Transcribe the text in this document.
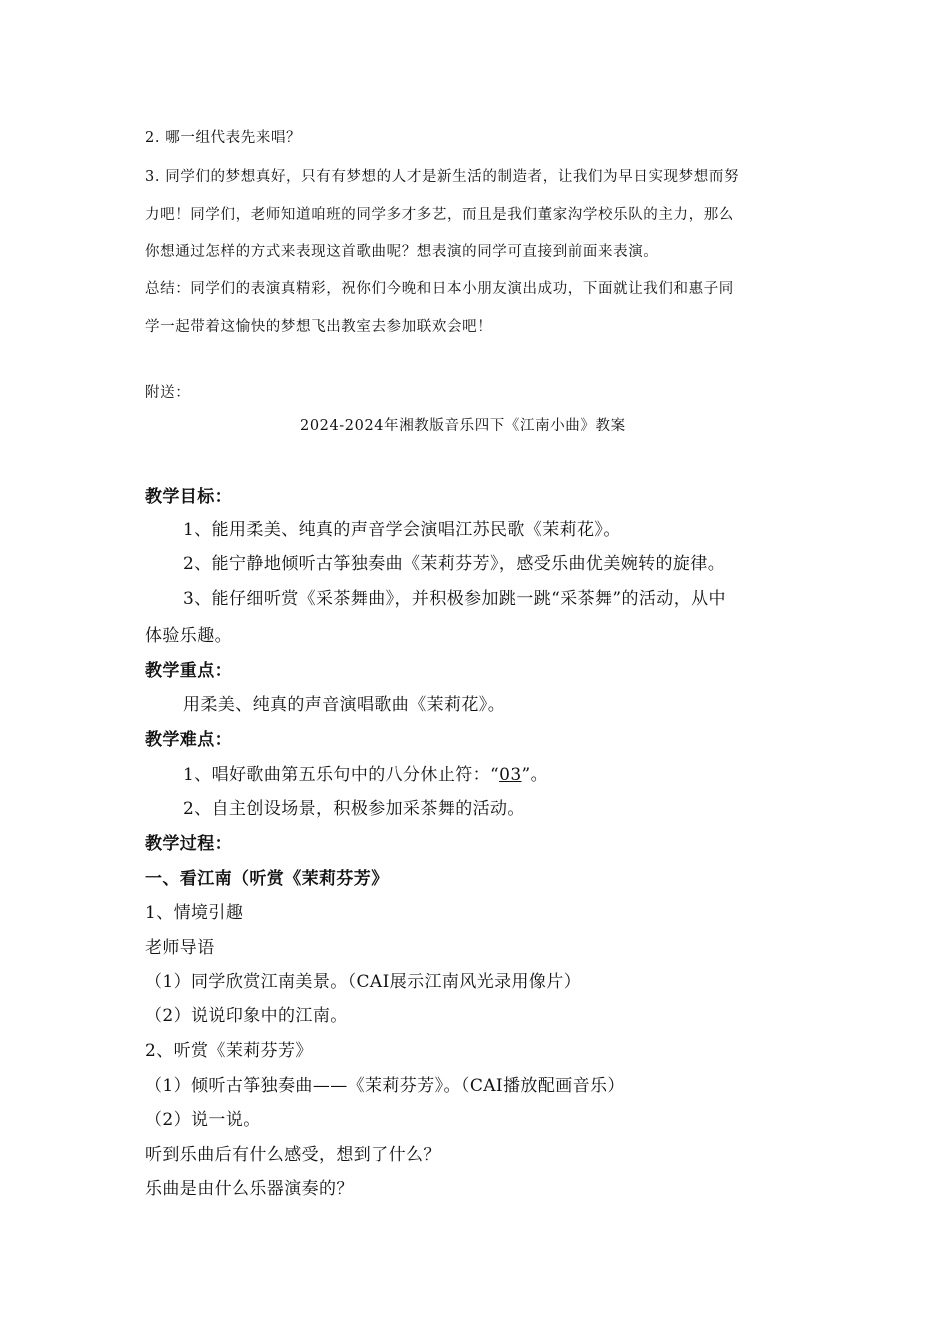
2. 哪一组代表先来唱？
3. 同学们的梦想真好，只有有梦想的人才是新生活的制造者，让我们为早日实现梦想而努
力吧！同学们，老师知道咱班的同学多才多艺，而且是我们董家沟学校乐队的主力，那么
你想通过怎样的方式来表现这首歌曲呢？想表演的同学可直接到前面来表演。
总结：同学们的表演真精彩，祝你们今晚和日本小朋友演出成功，下面就让我们和惠子同
学一起带着这愉快的梦想飞出教室去参加联欢会吧！
附送：
2024-2024年湘教版音乐四下《江南小曲》教案
教学目标：
1、能用柔美、纯真的声音学会演唱江苏民歌《茉莉花》。
2、能宁静地倾听古筝独奏曲《茉莉芬芳》，感受乐曲优美婉转的旋律。
3、能仔细听赏《采茶舞曲》，并积极参加跳一跳“采茶舞”的活动，从中
体验乐趣。
教学重点：
用柔美、纯真的声音演唱歌曲《茉莉花》。
教学难点：
1、唱好歌曲第五乐句中的八分休止符：“03”。
2、自主创设场景，积极参加采茶舞的活动。
教学过程：
一、看江南（听赏《茉莉芬芳》
1、情境引趣
老师导语
（1）同学欣赏江南美景。（CAI展示江南风光录用像片）
（2）说说印象中的江南。
2、听赏《茉莉芬芳》
（1）倾听古筝独奏曲——《茉莉芬芳》。（CAI播放配画音乐）
（2）说一说。
听到乐曲后有什么感受，想到了什么？
乐曲是由什么乐器演奏的？
